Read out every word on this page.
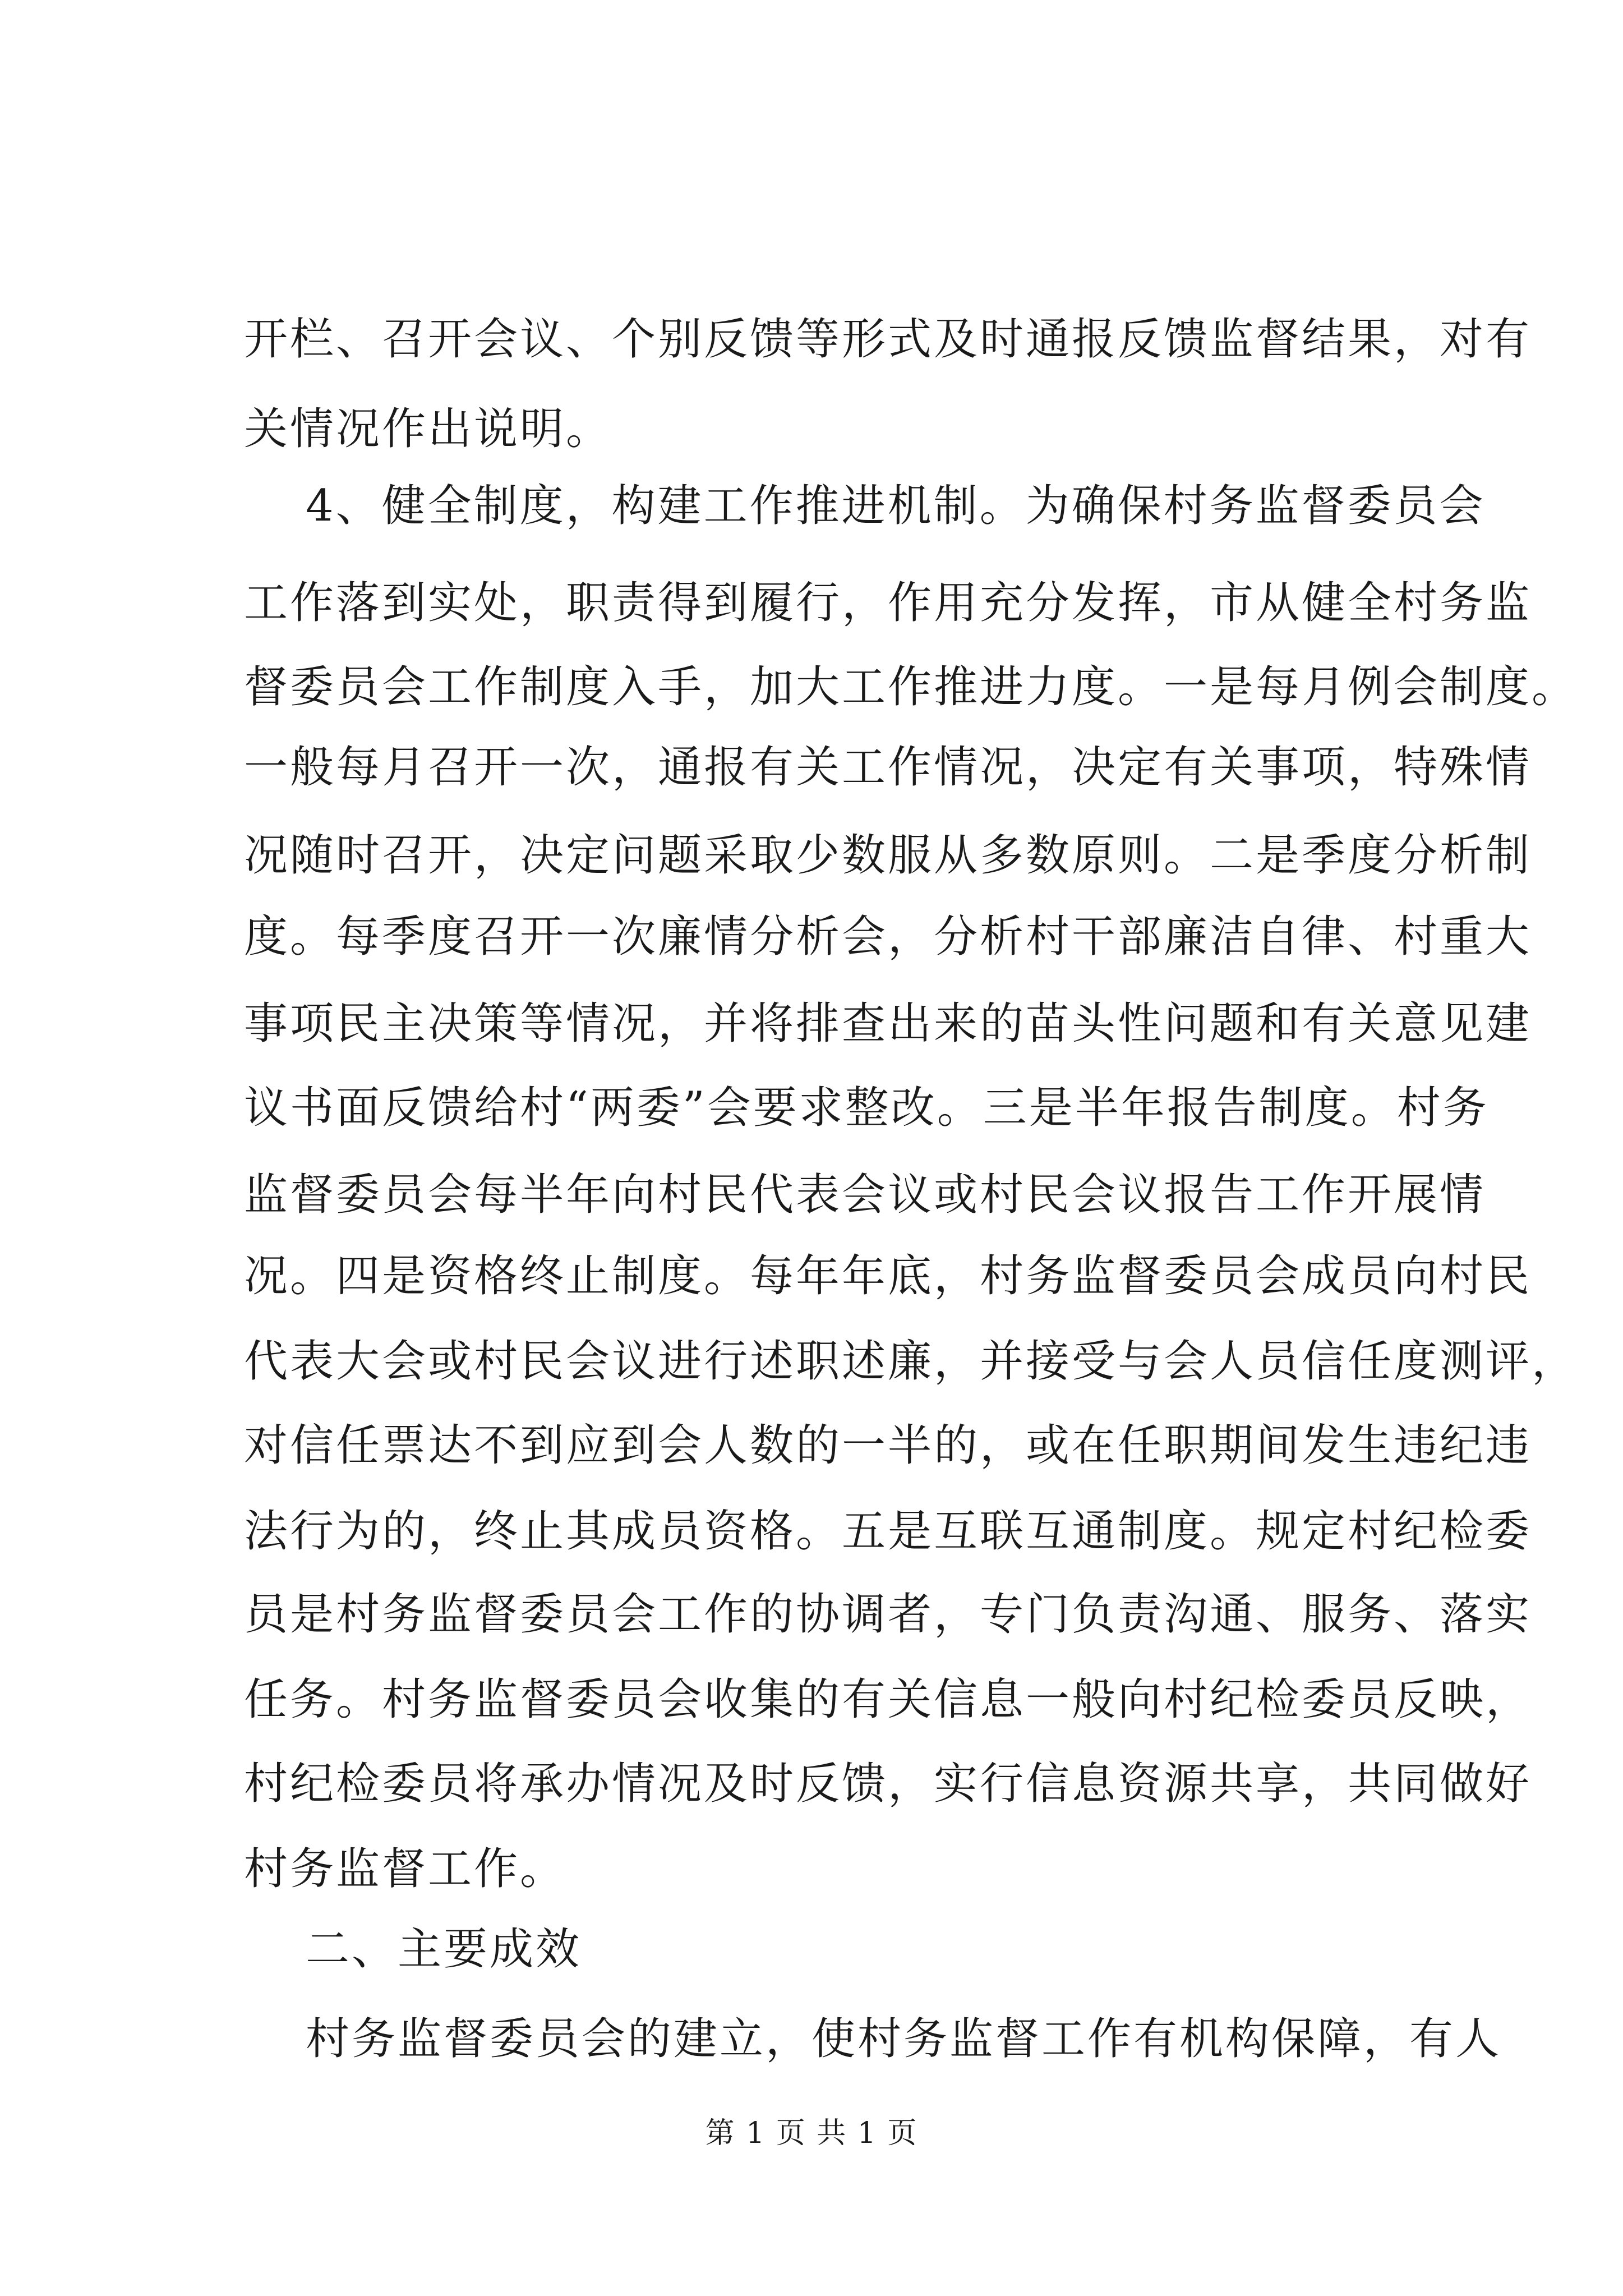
开栏、召开会议、个别反馈等形式及时通报反馈监督结果，对有
关情况作出说明。
4、健全制度，构建工作推进机制。为确保村务监督委员会
工作落到实处，职责得到履行，作用充分发挥，市从健全村务监
督委员会工作制度入手，加大工作推进力度。一是每月例会制度。
一般每月召开一次，通报有关工作情况，决定有关事项，特殊情
况随时召开，决定问题采取少数服从多数原则。二是季度分析制
度。每季度召开一次廉情分析会，分析村干部廉洁自律、村重大
事项民主决策等情况，并将排查出来的苗头性问题和有关意见建
议书面反馈给村“两委”会要求整改。三是半年报告制度。村务
监督委员会每半年向村民代表会议或村民会议报告工作开展情
况。四是资格终止制度。每年年底，村务监督委员会成员向村民
代表大会或村民会议进行述职述廉，并接受与会人员信任度测评，
对信任票达不到应到会人数的一半的，或在任职期间发生违纪违
法行为的，终止其成员资格。五是互联互通制度。规定村纪检委
员是村务监督委员会工作的协调者，专门负责沟通、服务、落实
任务。村务监督委员会收集的有关信息一般向村纪检委员反映，
村纪检委员将承办情况及时反馈，实行信息资源共享，共同做好
村务监督工作。
二、主要成效
村务监督委员会的建立，使村务监督工作有机构保障，有人
第 1 页 共 1 页
